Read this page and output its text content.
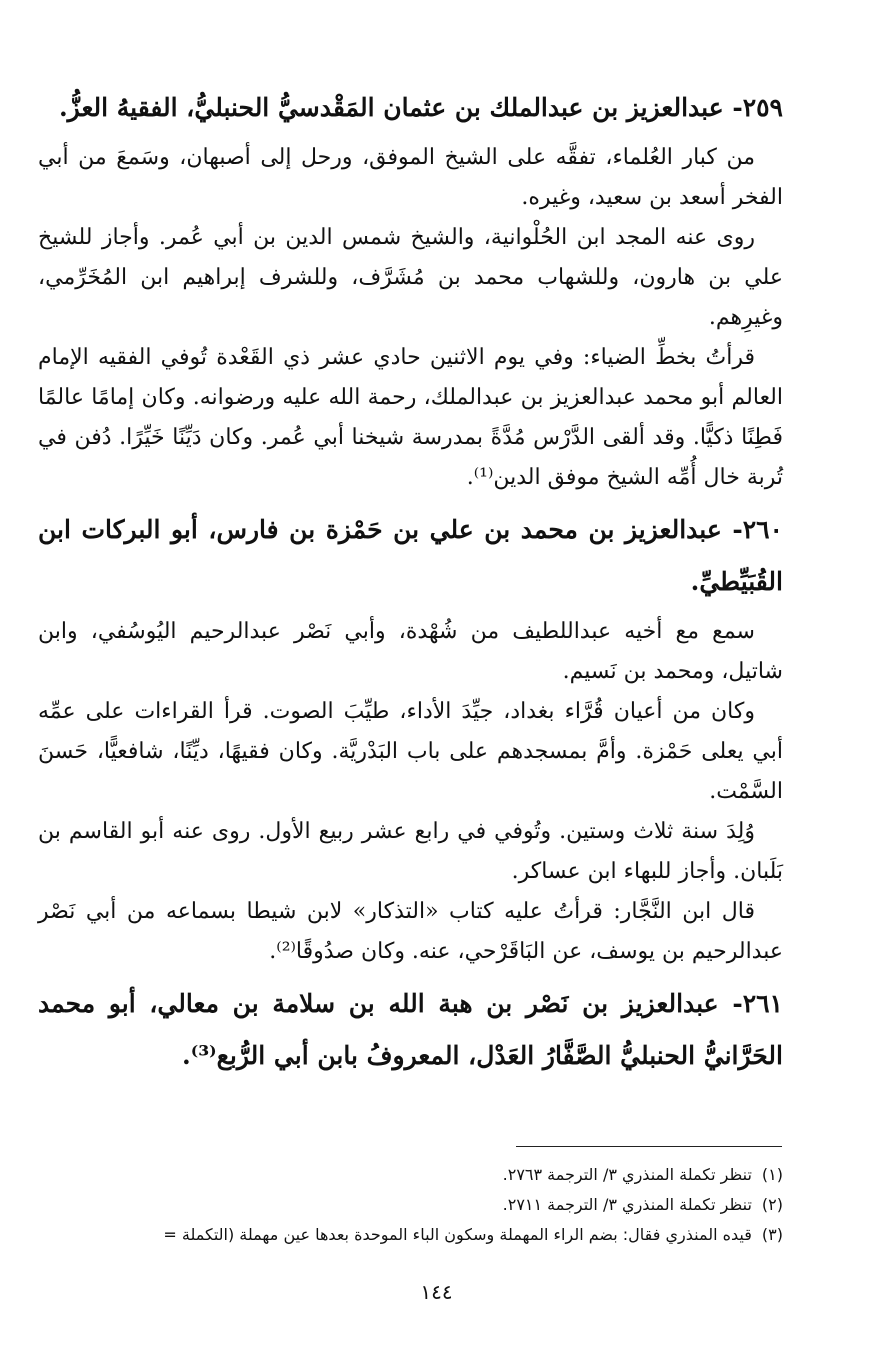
٢٥٩- عبدالعزيز بن عبدالملك بن عثمان المَقْدسيُّ الحنبليُّ، الفقيهُ العزُّ.

من كبار العُلماء، تفقَّه على الشيخ الموفق، ورحل إلى أصبهان، وسَمعَ من أبي الفخر أسعد بن سعيد، وغيره.

روى عنه المجد ابن الحُلْوانية، والشيخ شمس الدين بن أبي عُمر. وأجاز للشيخ علي بن هارون، وللشهاب محمد بن مُشَرَّف، وللشرف إبراهيم ابن المُخَرِّمي، وغيرِهم.

قرأتُ بخطِّ الضياء: وفي يوم الاثنين حادي عشر ذي القَعْدة تُوفي الفقيه الإمام العالم أبو محمد عبدالعزيز بن عبدالملك، رحمة الله عليه ورضوانه. وكان إمامًا عالمًا فَطِنًا ذكيًّا. وقد ألقى الدَّرْس مُدَّةً بمدرسة شيخنا أبي عُمر. وكان دَيِّنًا خَيِّرًا. دُفن في تُربة خال أُمِّه الشيخ موفق الدين⁽¹⁾.

٢٦٠- عبدالعزيز بن محمد بن علي بن حَمْزة بن فارس، أبو البركات ابن القُبَيِّطيِّ.

سمع مع أخيه عبداللطيف من شُهْدة، وأبي نَصْر عبدالرحيم اليُوسُفي، وابن شاتيل، ومحمد بن نَسيم.

وكان من أعيان قُرَّاء بغداد، جيِّدَ الأداء، طيِّبَ الصوت. قرأ القراءات على عمِّه أبي يعلى حَمْزة. وأمَّ بمسجدهم على باب البَدْريَّة. وكان فقيهًا، ديِّنًا، شافعيًّا، حَسنَ السَّمْت.

وُلِدَ سنة ثلاث وستين. وتُوفي في رابع عشر ربيع الأول. روى عنه أبو القاسم بن بَلَبان. وأجاز للبهاء ابن عساكر.

قال ابن النَّجَّار: قرأتُ عليه كتاب «التذكار» لابن شيطا بسماعه من أبي نَصْر عبدالرحيم بن يوسف، عن البَاقَرْحي، عنه. وكان صدُوقًا⁽²⁾.

٢٦١- عبدالعزيز بن نَصْر بن هبة الله بن سلامة بن معالي، أبو محمد الحَرَّانيُّ الحنبليُّ الصَّفَّارُ العَدْل، المعروفُ بابن أبي الرُّبع⁽³⁾.

(١)تنظر تكملة المنذري ٣/ الترجمة ٢٧٦٣.

(٢)تنظر تكملة المنذري ٣/ الترجمة ٢٧١١.

(٣)قيده المنذري فقال: بضم الراء المهملة وسكون الباء الموحدة بعدها عين مهملة (التكملة =

١٤٤
